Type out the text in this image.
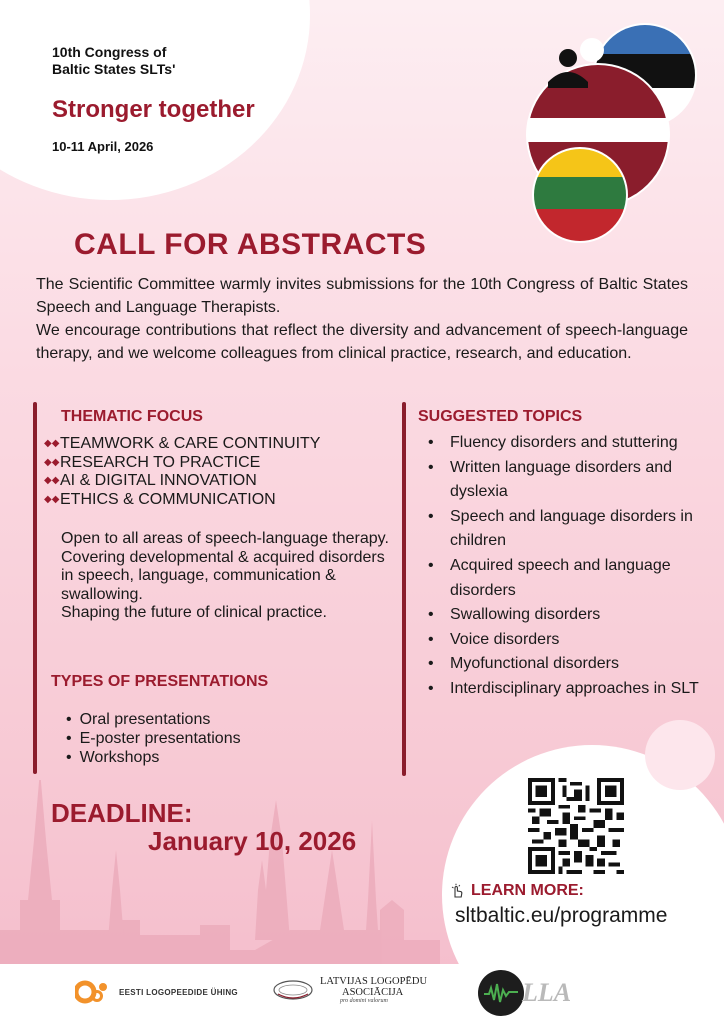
10th Congress of
Baltic States SLTs'
Stronger together
10-11 April, 2026
CALL FOR ABSTRACTS

The Scientific Committee warmly invites submissions for the 10th Congress of Baltic States Speech and Language Therapists.

We encourage contributions that reflect the diversity and advancement of speech-language therapy, and we welcome colleagues from clinical practice, research, and education.

THEMATIC FOCUS
◆◆ TEAMWORK & CARE CONTINUITY
◆◆ RESEARCH TO PRACTICE
◆◆ AI & DIGITAL INNOVATION
◆◆ ETHICS & COMMUNICATION
Open to all areas of speech-language therapy.
Covering developmental & acquired disorders in speech, language, communication & swallowing.
Shaping the future of clinical practice.
TYPES OF PRESENTATIONS
• Oral presentations
• E-poster presentations
• Workshops
SUGGESTED TOPICS
•	Fluency disorders and stuttering
•	Written language disorders and dyslexia
•	Speech and language disorders in children
•	Acquired speech and language disorders
•	Swallowing disorders
•	Voice disorders
•	Myofunctional disorders
•	Interdisciplinary approaches in SLT
DEADLINE:
January 10, 2026
LEARN MORE:
sltbaltic.eu/programme
EESTI LOGOPEEDIDE ÜHING
LATVIJAS LOGOPĒDU
ASOCIĀCIJA
pro domini valorum	LLA
